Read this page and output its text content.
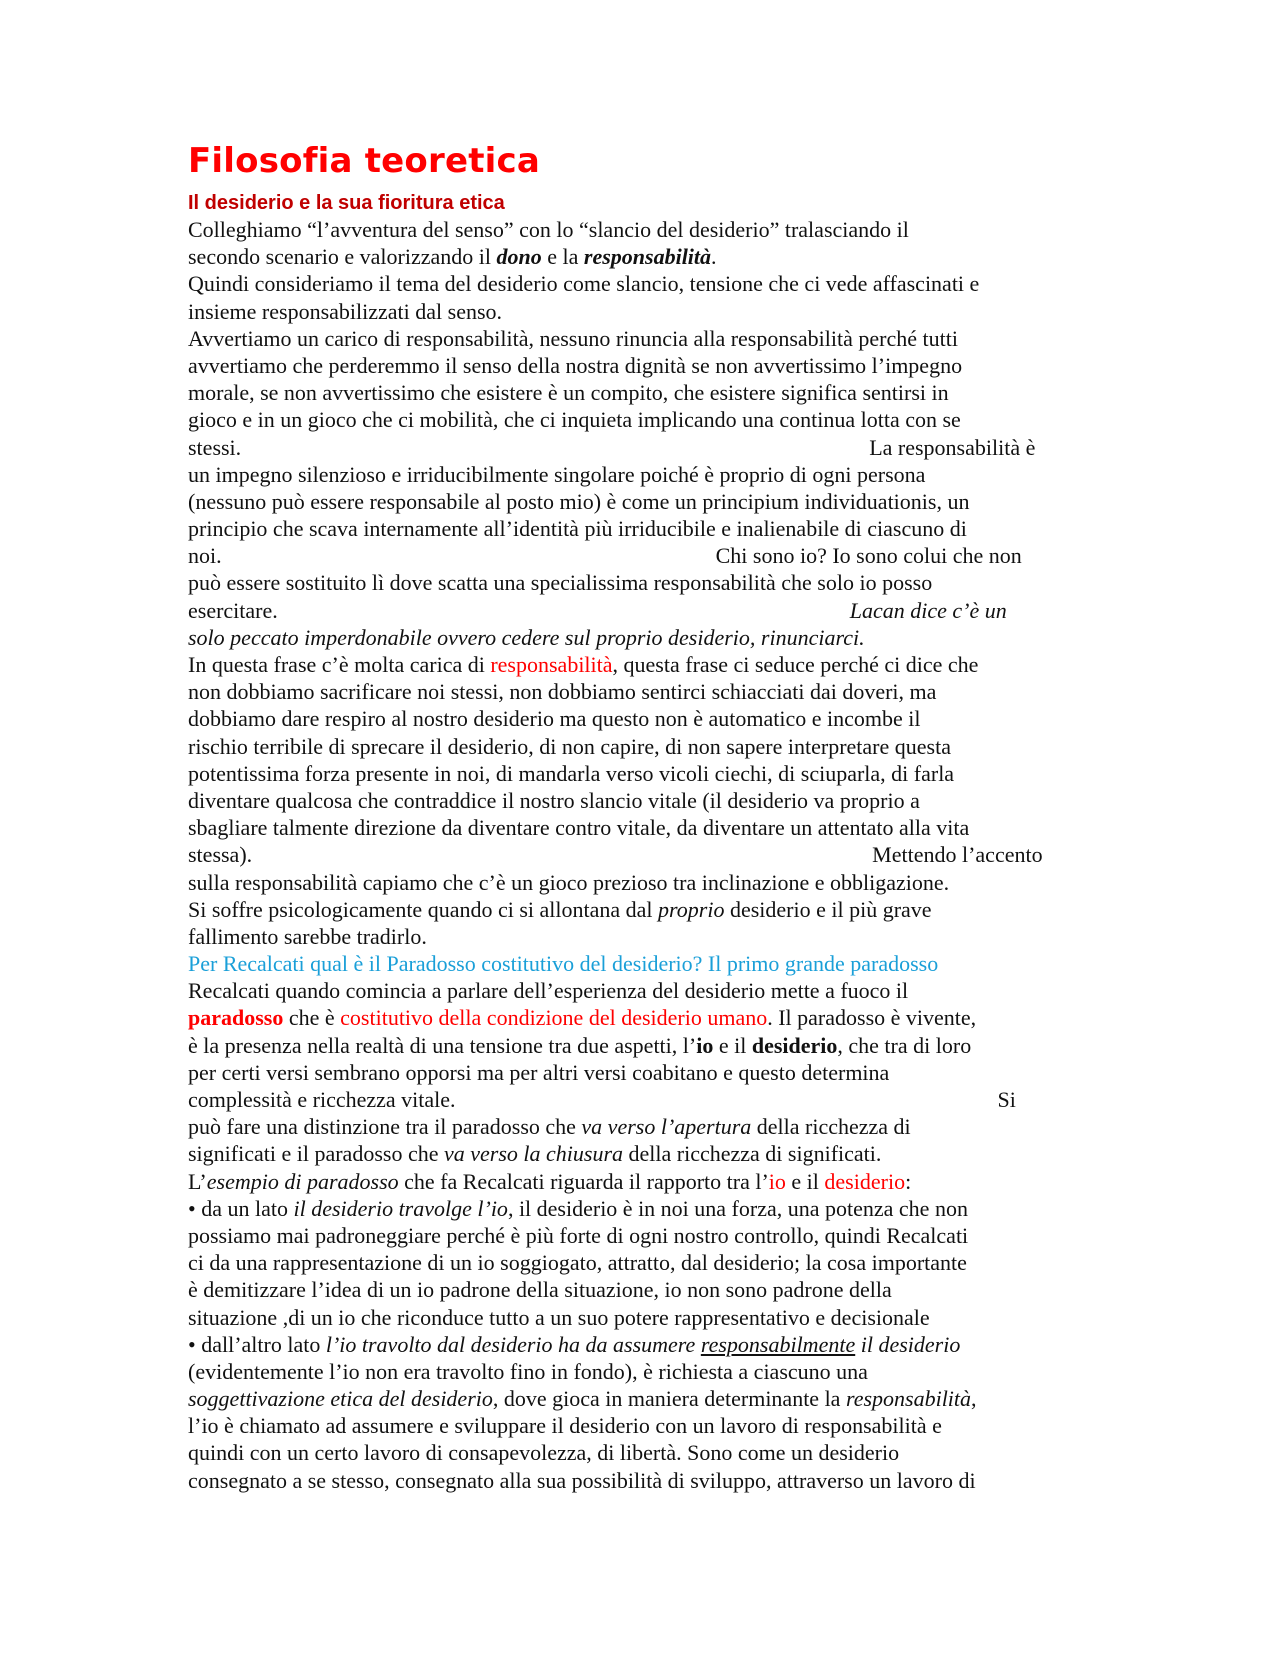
Filosofia teoretica
Il desiderio e la sua fioritura etica
Colleghiamo “l’avventura del senso” con lo “slancio del desiderio” tralasciando il
secondo scenario e valorizzando il dono e la responsabilità.
Quindi consideriamo il tema del desiderio come slancio, tensione che ci vede affascinati e
insieme responsabilizzati dal senso.
Avvertiamo un carico di responsabilità, nessuno rinuncia alla responsabilità perché tutti
avvertiamo che perderemmo il senso della nostra dignità se non avvertissimo l’impegno
morale, se non avvertissimo che esistere è un compito, che esistere significa sentirsi in
gioco e in un gioco che ci mobilità, che ci inquieta implicando una continua lotta con se
stessi.	La responsabilità è
un impegno silenzioso e irriducibilmente singolare poiché è proprio di ogni persona
(nessuno può essere responsabile al posto mio) è come un principium individuationis, un
principio che scava internamente all’identità più irriducibile e inalienabile di ciascuno di
noi.	Chi sono io? Io sono colui che non
può essere sostituito lì dove scatta una specialissima responsabilità che solo io posso
esercitare.	Lacan dice c’è un
solo peccato imperdonabile ovvero cedere sul proprio desiderio, rinunciarci.
In questa frase c’è molta carica di responsabilità, questa frase ci seduce perché ci dice che
non dobbiamo sacrificare noi stessi, non dobbiamo sentirci schiacciati dai doveri, ma
dobbiamo dare respiro al nostro desiderio ma questo non è automatico e incombe il
rischio terribile di sprecare il desiderio, di non capire, di non sapere interpretare questa
potentissima forza presente in noi, di mandarla verso vicoli ciechi, di sciuparla, di farla
diventare qualcosa che contraddice il nostro slancio vitale (il desiderio va proprio a
sbagliare talmente direzione da diventare contro vitale, da diventare un attentato alla vita
stessa).	Mettendo l’accento
sulla responsabilità capiamo che c’è un gioco prezioso tra inclinazione e obbligazione.
Si soffre psicologicamente quando ci si allontana dal proprio desiderio e il più grave
fallimento sarebbe tradirlo.
Per Recalcati qual è il Paradosso costitutivo del desiderio? Il primo grande paradosso
Recalcati quando comincia a parlare dell’esperienza del desiderio mette a fuoco il
paradosso che è costitutivo della condizione del desiderio umano. Il paradosso è vivente,
è la presenza nella realtà di una tensione tra due aspetti, l’io e il desiderio, che tra di loro
per certi versi sembrano opporsi ma per altri versi coabitano e questo determina
complessità e ricchezza vitale.	Si
può fare una distinzione tra il paradosso che va verso l’apertura della ricchezza di
significati e il paradosso che va verso la chiusura della ricchezza di significati.
L’esempio di paradosso che fa Recalcati riguarda il rapporto tra l’io e il desiderio:
• da un lato il desiderio travolge l’io, il desiderio è in noi una forza, una potenza che non
possiamo mai padroneggiare perché è più forte di ogni nostro controllo, quindi Recalcati
ci da una rappresentazione di un io soggiogato, attratto, dal desiderio; la cosa importante
è demitizzare l’idea di un io padrone della situazione, io non sono padrone della
situazione ,di un io che riconduce tutto a un suo potere rappresentativo e decisionale
• dall’altro lato l’io travolto dal desiderio ha da assumere responsabilmente il desiderio
(evidentemente l’io non era travolto fino in fondo), è richiesta a ciascuno una
soggettivazione etica del desiderio, dove gioca in maniera determinante la responsabilità,
l’io è chiamato ad assumere e sviluppare il desiderio con un lavoro di responsabilità e
quindi con un certo lavoro di consapevolezza, di libertà. Sono come un desiderio
consegnato a se stesso, consegnato alla sua possibilità di sviluppo, attraverso un lavoro di
